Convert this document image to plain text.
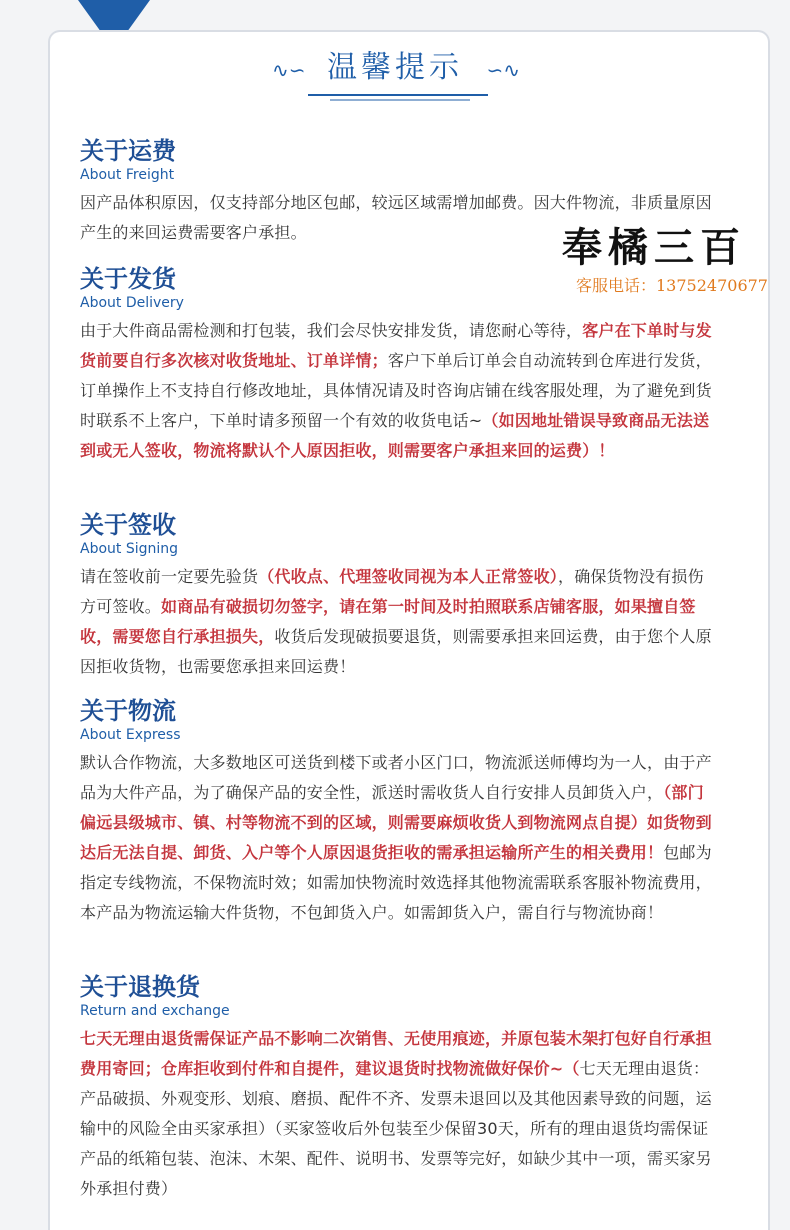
∿∽ 温馨提示	∽∿
奉橘三百
客服电话：13752470677
关于运费
About Freight

因产品体积原因，仅支持部分地区包邮，较远区域需增加邮费。因大件物流，非质量原因产生的来回运费需要客户承担。

关于发货
About Delivery

由于大件商品需检测和打包装，我们会尽快安排发货，请您耐心等待，客户在下单时与发货前要自行多次核对收货地址、订单详情；客户下单后订单会自动流转到仓库进行发货，订单操作上不支持自行修改地址，具体情况请及时咨询店铺在线客服处理，为了避免到货时联系不上客户，下单时请多预留一个有效的收货电话~（如因地址错误导致商品无法送到或无人签收，物流将默认个人原因拒收，则需要客户承担来回的运费）！

关于签收
About Signing

请在签收前一定要先验货（代收点、代理签收同视为本人正常签收），确保货物没有损伤方可签收。如商品有破损切勿签字，请在第一时间及时拍照联系店铺客服，如果擅自签收，需要您自行承担损失，收货后发现破损要退货，则需要承担来回运费，由于您个人原因拒收货物，也需要您承担来回运费！

关于物流
About Express

默认合作物流，大多数地区可送货到楼下或者小区门口，物流派送师傅均为一人，由于产品为大件产品，为了确保产品的安全性，派送时需收货人自行安排人员卸货入户，（部门偏远县级城市、镇、村等物流不到的区域，则需要麻烦收货人到物流网点自提）如货物到达后无法自提、卸货、入户等个人原因退货拒收的需承担运输所产生的相关费用！包邮为指定专线物流，不保物流时效；如需加快物流时效选择其他物流需联系客服补物流费用，本产品为物流运输大件货物，不包卸货入户。如需卸货入户，需自行与物流协商！

关于退换货
Return and exchange

七天无理由退货需保证产品不影响二次销售、无使用痕迹，并原包装木架打包好自行承担费用寄回；仓库拒收到付件和自提件，建议退货时找物流做好保价~（七天无理由退货：产品破损、外观变形、划痕、磨损、配件不齐、发票未退回以及其他因素导致的问题，运输中的风险全由买家承担）（买家签收后外包装至少保留30天，所有的理由退货均需保证产品的纸箱包装、泡沫、木架、配件、说明书、发票等完好，如缺少其中一项，需买家另外承担付费）
